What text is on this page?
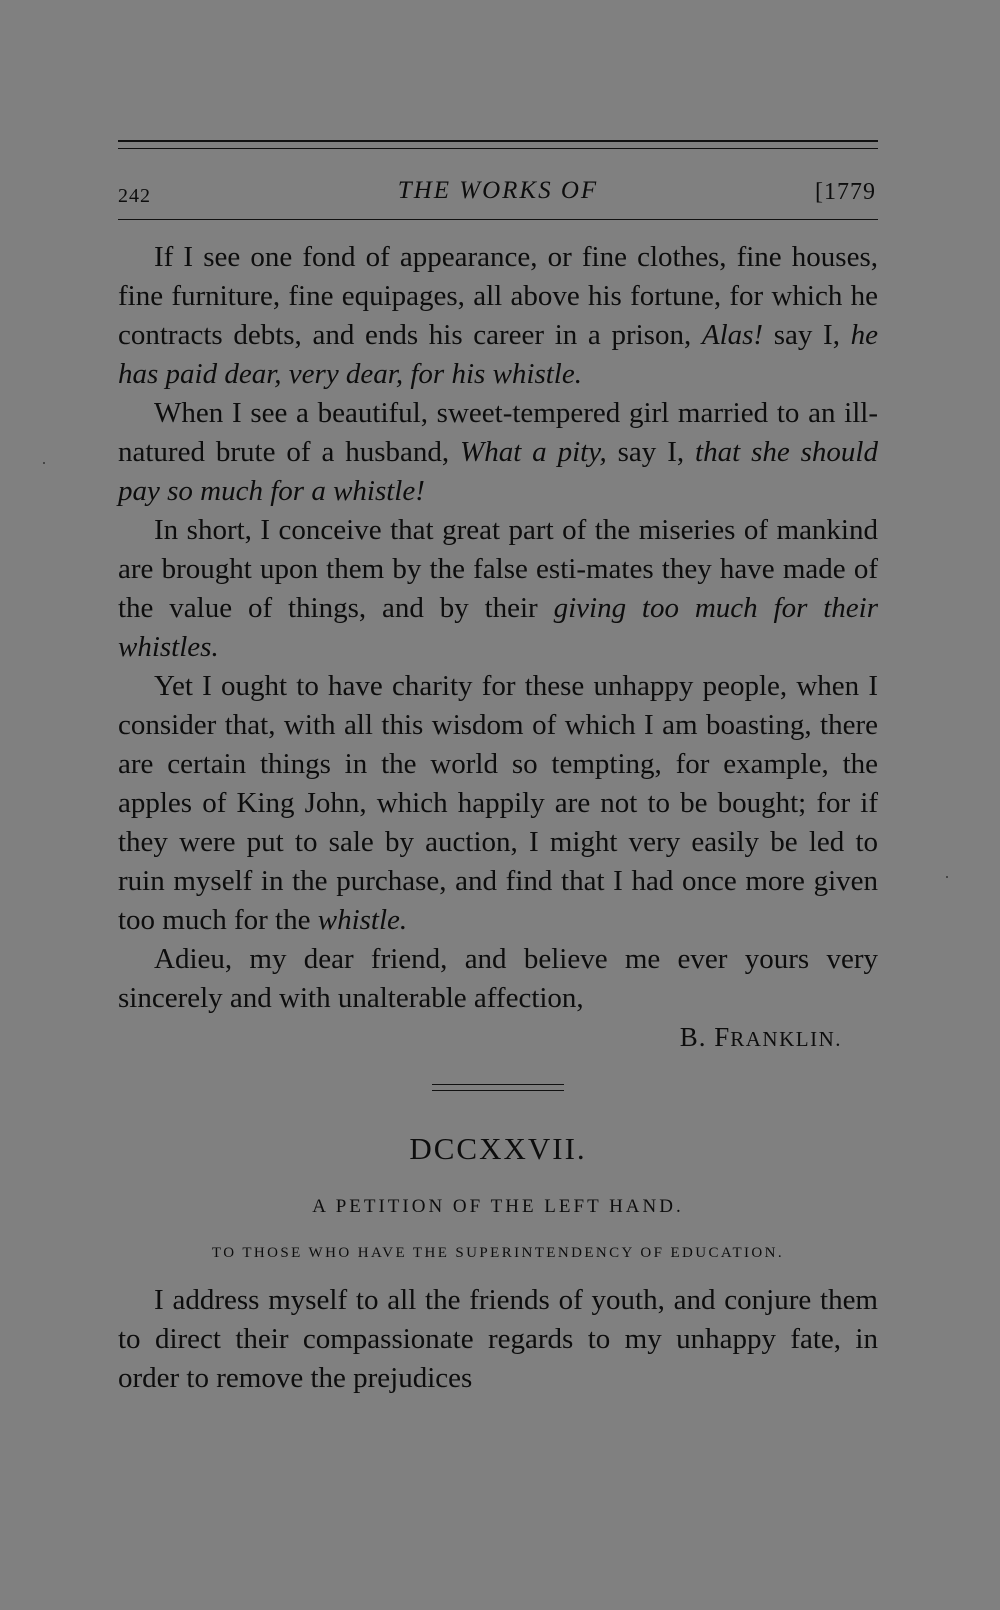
242	THE WORKS OF	[1779

If I see one fond of appearance, or fine clothes, fine houses, fine furniture, fine equipages, all above his fortune, for which he contracts debts, and ends his career in a prison, Alas! say I, he has paid dear, very dear, for his whistle.

When I see a beautiful, sweet-tempered girl married to an ill-natured brute of a husband, What a pity, say I, that she should pay so much for a whistle!

In short, I conceive that great part of the miseries of mankind are brought upon them by the false esti-mates they have made of the value of things, and by their giving too much for their whistles.

Yet I ought to have charity for these unhappy people, when I consider that, with all this wisdom of which I am boasting, there are certain things in the world so tempting, for example, the apples of King John, which happily are not to be bought; for if they were put to sale by auction, I might very easily be led to ruin myself in the purchase, and find that I had once more given too much for the whistle.

Adieu, my dear friend, and believe me ever yours very sincerely and with unalterable affection,

B. FRANKLIN.
DCCXXVII.
A PETITION OF THE LEFT HAND.
TO THOSE WHO HAVE THE SUPERINTENDENCY OF EDUCATION.

I address myself to all the friends of youth, and conjure them to direct their compassionate regards to my unhappy fate, in order to remove the prejudices
